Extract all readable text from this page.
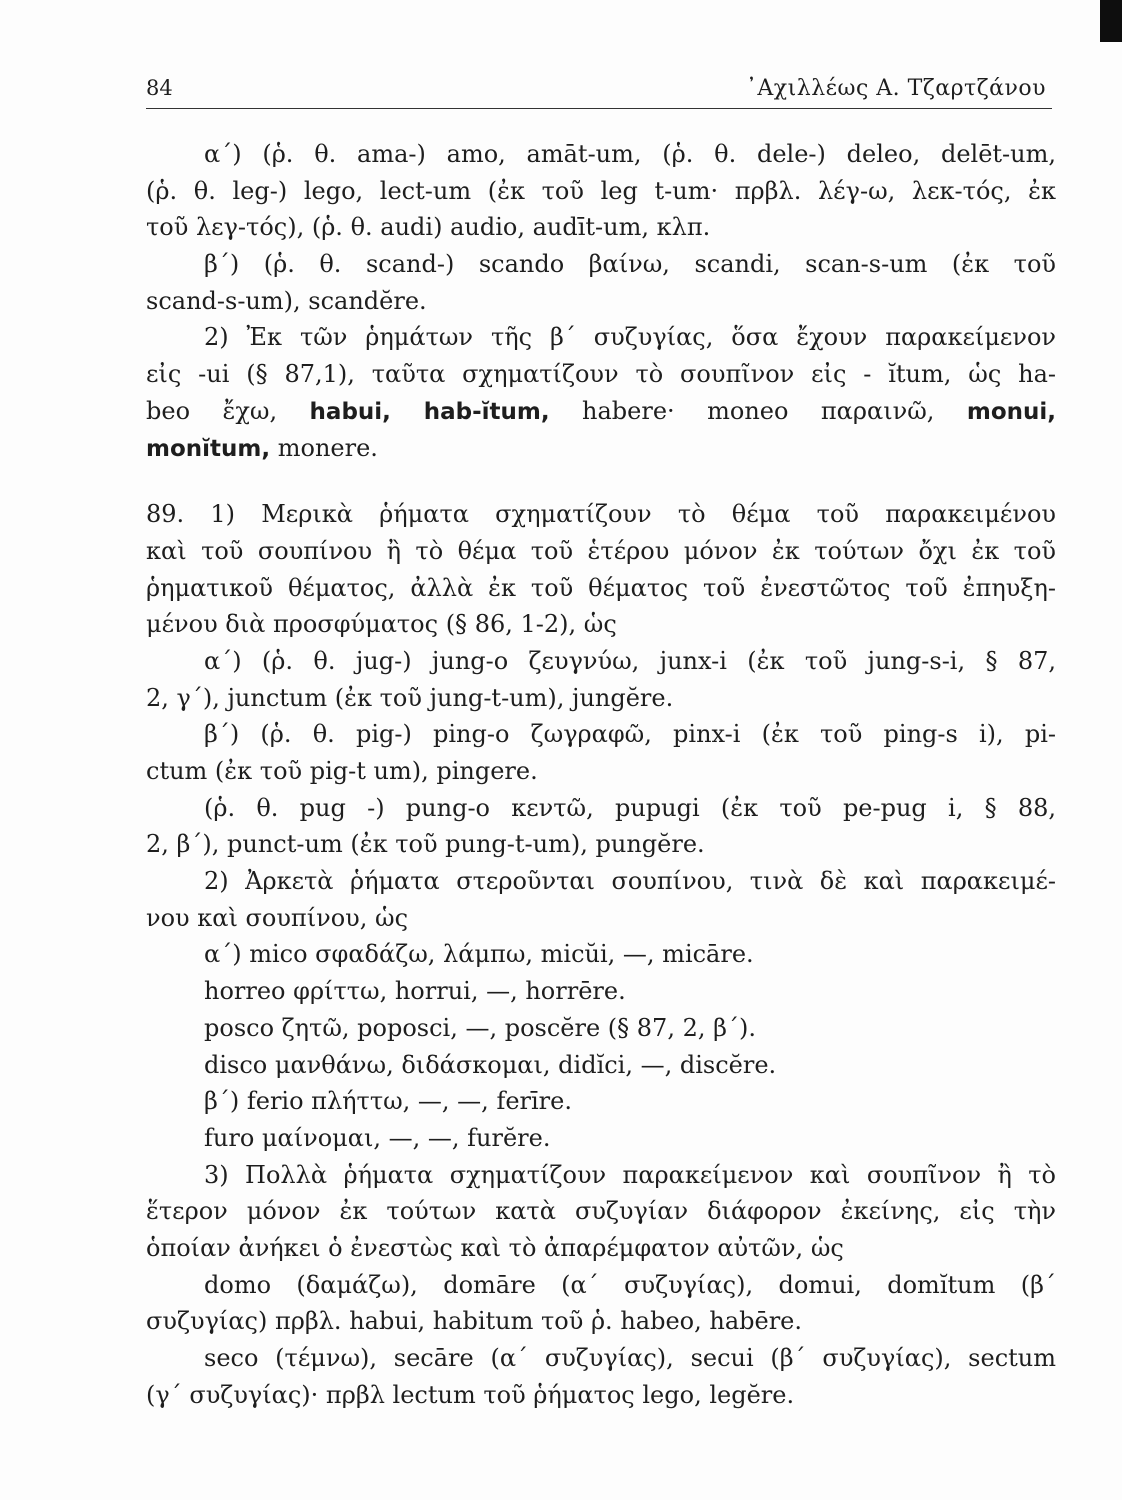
84	᾿Αχιλλέως Α. Τζαρτζάνου
α΄) (ῥ. θ. ama-) amo, amāt-um, (ῥ. θ. dele-) deleo, delēt-um,
(ῥ. θ. leg-) lego, lect-um (ἐκ τοῦ leg t-um· πρβλ. λέγ-ω, λεκ-τός, ἐκ
τοῦ λεγ-τός), (ῥ. θ. audi) audio, audīt-um, κλπ.
β΄) (ῥ. θ. scand-) scando βαίνω, scandi, scan-s-um (ἐκ τοῦ
scand-s-um), scandĕre.
2) Ἐκ τῶν ῥημάτων τῆς β΄ συζυγίας, ὅσα ἔχουν παρακείμενον
εἰς -ui (§ 87,1), ταῦτα σχηματίζουν τὸ σουπῖνον εἰς - ĭtum, ὡς ha-
beo ἔχω, habui, hab-ĭtum, habere· moneo παραινῶ, monui,
monĭtum, monere.
89. 1) Μερικὰ ῥήματα σχηματίζουν τὸ θέμα τοῦ παρακειμένου
καὶ τοῦ σουπίνου ἢ τὸ θέμα τοῦ ἑτέρου μόνον ἐκ τούτων ὄχι ἐκ τοῦ
ῥηματικοῦ θέματος, ἀλλὰ ἐκ τοῦ θέματος τοῦ ἐνεστῶτος τοῦ ἐπηυξη-
μένου διὰ προσφύματος (§ 86, 1-2), ὡς
α΄) (ῥ. θ. jug-) jung-o ζευγνύω, junx-i (ἐκ τοῦ jung-s-i, § 87,
2, γ΄), junctum (ἐκ τοῦ jung-t-um), jungĕre.
β΄) (ῥ. θ. pig-) ping-o ζωγραφῶ, pinx-i (ἐκ τοῦ ping-s i), pi-
ctum (ἐκ τοῦ pig-t um), pingere.
(ῥ. θ. pug -) pung-o κεντῶ, pupugi (ἐκ τοῦ pe-pug i, § 88,
2, β΄), punct-um (ἐκ τοῦ pung-t-um), pungĕre.
2) Ἀρκετὰ ῥήματα στεροῦνται σουπίνου, τινὰ δὲ καὶ παρακειμέ-
νου καὶ σουπίνου, ὡς
α΄) mico σφαδάζω, λάμπω, micŭi, —, micāre.
horreo φρίττω, horrui, —, horrēre.
posco ζητῶ, poposci, —, poscĕre (§ 87, 2, β΄).
disco μανθάνω, διδάσκομαι, didĭci, —, discĕre.
β΄) ferio πλήττω, —, —, ferīre.
furo μαίνομαι, —, —, furĕre.
3) Πολλὰ ῥήματα σχηματίζουν παρακείμενον καὶ σουπῖνον ἢ τὸ
ἕτερον μόνον ἐκ τούτων κατὰ συζυγίαν διάφορον ἐκείνης, εἰς τὴν
ὁποίαν ἀνήκει ὁ ἐνεστὼς καὶ τὸ ἀπαρέμφατον αὐτῶν, ὡς
domo (δαμάζω), domāre (α΄ συζυγίας), domui, domĭtum (β΄
συζυγίας) πρβλ. habui, habitum τοῦ ῥ. habeo, habēre.
seco (τέμνω), secāre (α΄ συζυγίας), secui (β΄ συζυγίας), sectum
(γ΄ συζυγίας)· πρβλ lectum τοῦ ῥήματος lego, legĕre.
